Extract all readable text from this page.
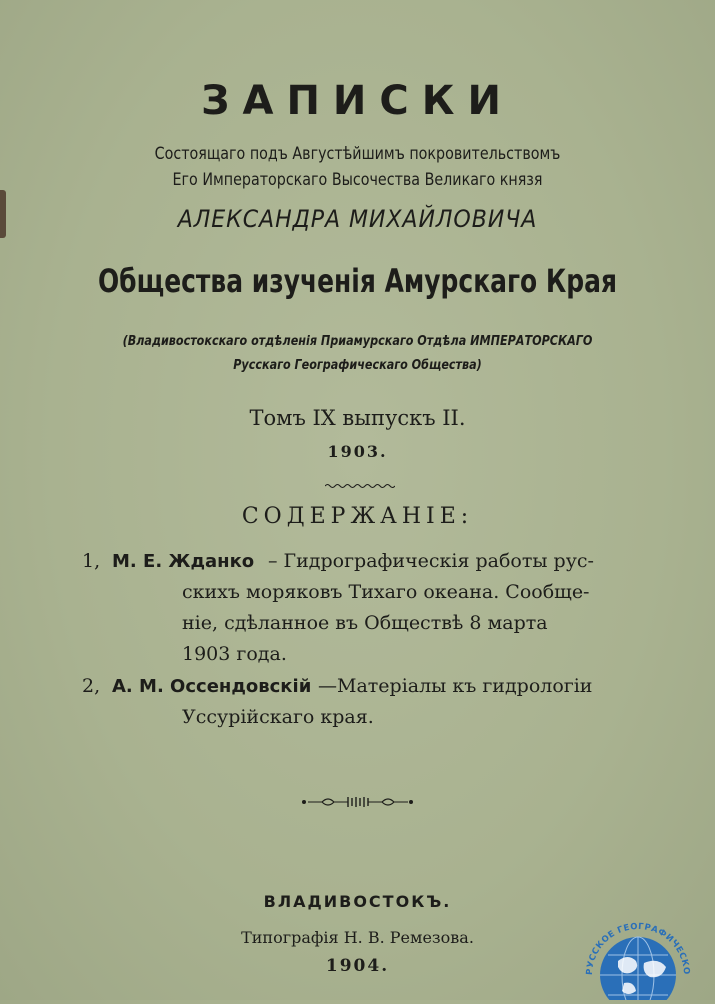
ЗАПИСКИ
Состоящаго подъ Августѣйшимъ покровительствомъ
Его Императорскаго Высочества Великаго князя
АЛЕКСАНДРА МИХАЙЛОВИЧА
Общества изученія Амурскаго Края
(Владивостокскаго отдѣленія Приамурскаго Отдѣла ИМПЕРАТОРСКАГО
Русскаго Географическаго Общества)
Томъ IX выпускъ II.
1903.
СОДЕРЖАНІЕ:
1, М. Е. Жданко – Гидрографическія работы рус-
скихъ моряковъ Тихаго океана. Сообще-
ніе, сдѣланное въ Обществѣ 8 марта
1903 года.
2, А. М. Оссендовскій —Матеріалы къ гидрологіи
Уссурійскаго края.
ВЛАДИВОСТОКЪ.
Типографія Н. В. Ремезова.
1904.	РУССКОЕ ГЕОГРАФИЧЕСКО
